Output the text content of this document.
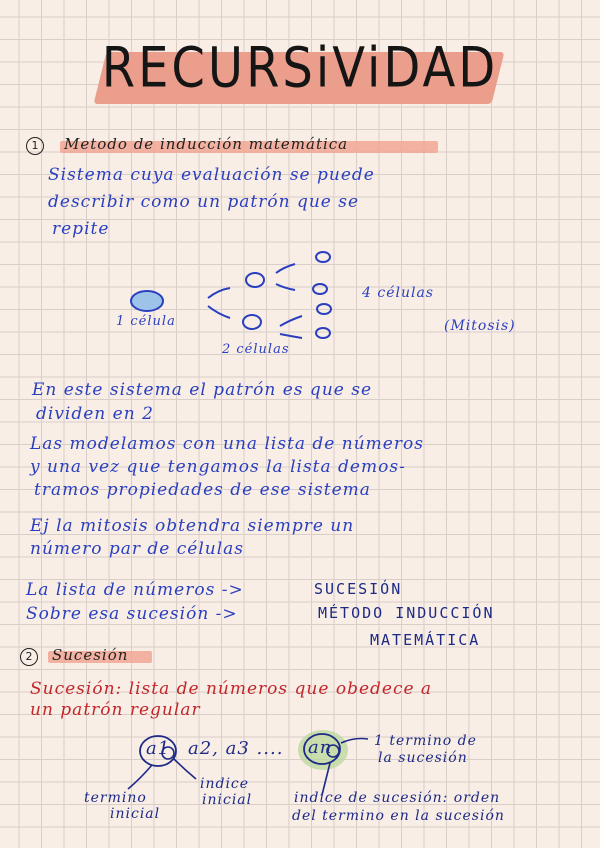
RECURSiViDAD
1	Metodo de inducción matemática
Sistema cuya evaluación se puede
describir como un patrón que se
repite
1 célula
2 células
4 células
(Mitosis)
En este sistema el patrón es que se
dividen en 2
Las modelamos con una lista de números
y una vez que tengamos la lista demos-
tramos propiedades de ese sistema
Ej la mitosis obtendra siempre un
número par de células
La lista de números ->	SUCESIÓN
Sobre esa sucesión ->	MÉTODO INDUCCIÓN
MATEMÁTICA
2	Sucesión
Sucesión: lista de números que obedece a
un patrón regular
a1 a2, a3 .... an
termino
inicial
indice
inicial
1 termino de
la sucesión
indice de sucesión: orden
del termino en la sucesión
